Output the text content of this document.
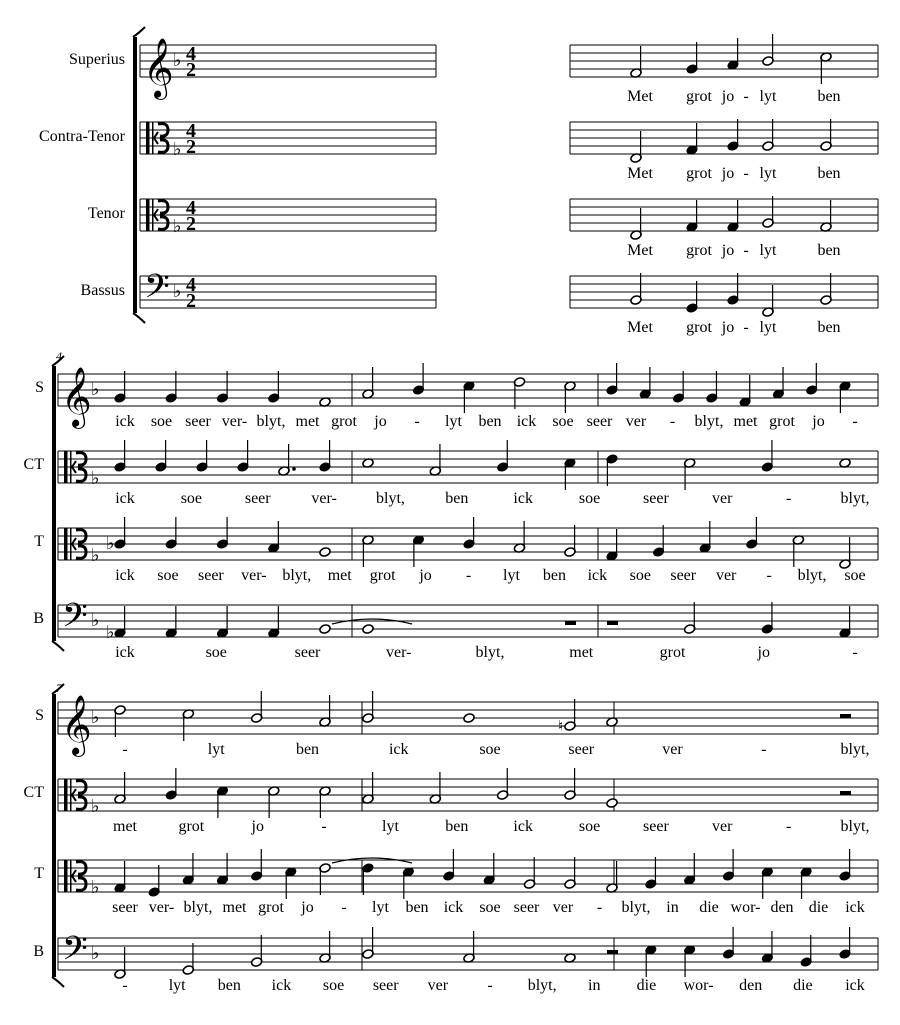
𝄞 ♭ 4
2
♭
4
2
♭
4
2
𝄢 ♭ 4
2
𝄞 ♭
♭
♭
♭
𝄢 ♭
♭
𝄞 ♭	♮
♭
♭
𝄢 ♭
Superius
Contra-Tenor
Tenor
Bassus
S
CT
T
B
S
CT
T
B
4
7
Met grot jo - lyt	ben
Met grot jo - lyt	ben
Met grot jo - lyt	ben
Met grot jo - lyt	ben
ick soe seer ver- blyt, met grot jo - lyt ben ick soe seer ver - blyt, met grot jo -
ick	soe	seer	ver- blyt,	ben	ick	soe	seer	ver	-	blyt,
ick soe seer ver- blyt, met grot jo - lyt ben ick soe seer ver - blyt, soe
ick	soe	seer	ver-	blyt,	met	grot	jo	-
-	lyt	ben	ick	soe	seer	ver	-	blyt,
met	grot	jo	-	lyt	ben	ick	soe	seer	ver	-	blyt,
seer ver- blyt, met grot jo - lyt ben ick soe seer ver - blyt, in die wor- den die ick
-	lyt ben ick soe seer ver - blyt, in die wor- den die ick
